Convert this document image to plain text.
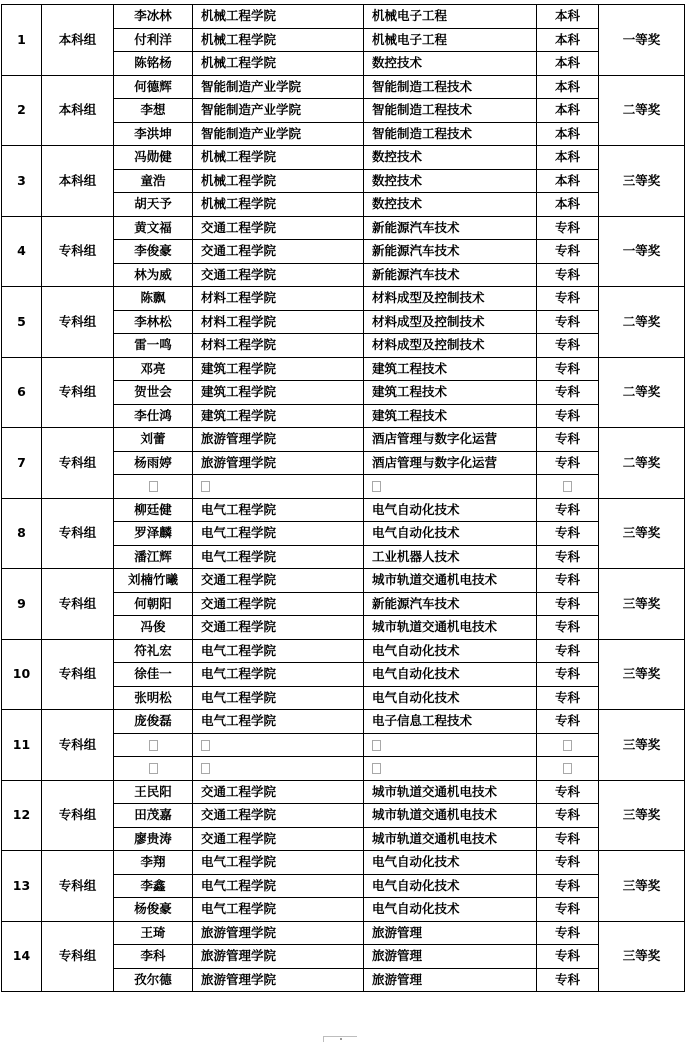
1	本科组	李冰林	机械工程学院	机械电子工程	本科	一等奖
		付利洋	机械工程学院	机械电子工程	本科	
		陈铭杨	机械工程学院	数控技术	本科	
2	本科组	何德辉	智能制造产业学院	智能制造工程技术	本科	二等奖
		李想	智能制造产业学院	智能制造工程技术	本科	
		李洪坤	智能制造产业学院	智能制造工程技术	本科	
3	本科组	冯勋健	机械工程学院	数控技术	本科	三等奖
		童浩	机械工程学院	数控技术	本科	
		胡天予	机械工程学院	数控技术	本科	
4	专科组	黄文福	交通工程学院	新能源汽车技术	专科	一等奖
		李俊豪	交通工程学院	新能源汽车技术	专科	
		林为威	交通工程学院	新能源汽车技术	专科	
5	专科组	陈飘	材料工程学院	材料成型及控制技术	专科	二等奖
		李林松	材料工程学院	材料成型及控制技术	专科	
		雷一鸣	材料工程学院	材料成型及控制技术	专科	
6	专科组	邓亮	建筑工程学院	建筑工程技术	专科	二等奖
		贺世会	建筑工程学院	建筑工程技术	专科	
		李仕鸿	建筑工程学院	建筑工程技术	专科	
7	专科组	刘蕾	旅游管理学院	酒店管理与数字化运营	专科	二等奖
		杨雨婷	旅游管理学院	酒店管理与数字化运营	专科	

8	专科组	柳廷健	电气工程学院	电气自动化技术	专科	三等奖
		罗泽麟	电气工程学院	电气自动化技术	专科	
		潘江辉	电气工程学院	工业机器人技术	专科	
9	专科组	刘楠竹曦	交通工程学院	城市轨道交通机电技术	专科	三等奖
		何朝阳	交通工程学院	新能源汽车技术	专科	
		冯俊	交通工程学院	城市轨道交通机电技术	专科	
10	专科组	符礼宏	电气工程学院	电气自动化技术	专科	三等奖
		徐佳一	电气工程学院	电气自动化技术	专科	
		张明松	电气工程学院	电气自动化技术	专科	
11	专科组	庞俊磊	电气工程学院	电子信息工程技术	专科	三等奖

12	专科组	王民阳	交通工程学院	城市轨道交通机电技术	专科	三等奖
		田茂嘉	交通工程学院	城市轨道交通机电技术	专科	
		廖贵涛	交通工程学院	城市轨道交通机电技术	专科	
13	专科组	李翔	电气工程学院	电气自动化技术	专科	三等奖
		李鑫	电气工程学院	电气自动化技术	专科	
		杨俊豪	电气工程学院	电气自动化技术	专科	
14	专科组	王琦	旅游管理学院	旅游管理	专科	三等奖
		李科	旅游管理学院	旅游管理	专科	
		孜尔德	旅游管理学院	旅游管理	专科	
